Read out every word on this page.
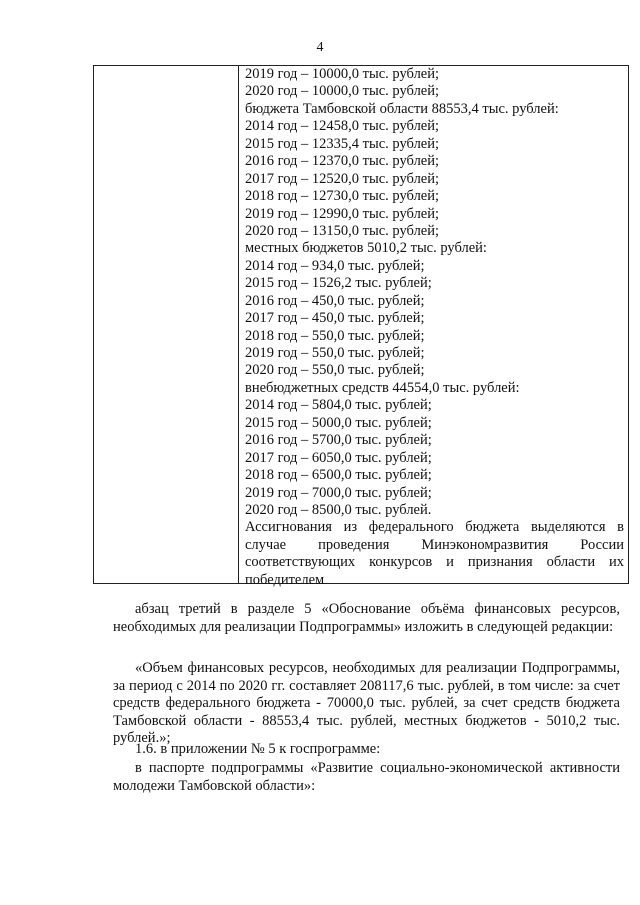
4
2019 год – 10000,0 тыс. рублей;
2020 год – 10000,0 тыс. рублей;
бюджета Тамбовской области 88553,4 тыс. рублей:
2014 год – 12458,0 тыс. рублей;
2015 год – 12335,4 тыс. рублей;
2016 год – 12370,0 тыс. рублей;
2017 год – 12520,0 тыс. рублей;
2018 год – 12730,0 тыс. рублей;
2019 год – 12990,0 тыс. рублей;
2020 год – 13150,0 тыс. рублей;
местных бюджетов 5010,2 тыс. рублей:
2014 год – 934,0 тыс. рублей;
2015 год – 1526,2 тыс. рублей;
2016 год – 450,0 тыс. рублей;
2017 год – 450,0 тыс. рублей;
2018 год – 550,0 тыс. рублей;
2019 год – 550,0 тыс. рублей;
2020 год – 550,0 тыс. рублей;
внебюджетных средств 44554,0 тыс. рублей:
2014 год – 5804,0 тыс. рублей;
2015 год – 5000,0 тыс. рублей;
2016 год – 5700,0 тыс. рублей;
2017 год – 6050,0 тыс. рублей;
2018 год – 6500,0 тыс. рублей;
2019 год – 7000,0 тыс. рублей;
2020 год – 8500,0 тыс. рублей.
Ассигнования из федерального бюджета выделяются в случае проведения Минэкономразвития России соответствующих конкурсов и признания области их победителем

абзац третий в разделе 5 «Обоснование объёма финансовых ресурсов, необходимых для реализации Подпрограммы» изложить в следующей редакции:

«Объем финансовых ресурсов, необходимых для реализации Подпрограммы, за период с 2014 по 2020 гг. составляет 208117,6 тыс. рублей, в том числе: за счет средств федерального бюджета - 70000,0 тыс. рублей, за счет средств бюджета Тамбовской области - 88553,4 тыс. рублей, местных бюджетов - 5010,2 тыс. рублей.»;

1.6. в приложении № 5 к госпрограмме:

в паспорте подпрограммы «Развитие социально-экономической активности молодежи Тамбовской области»:
